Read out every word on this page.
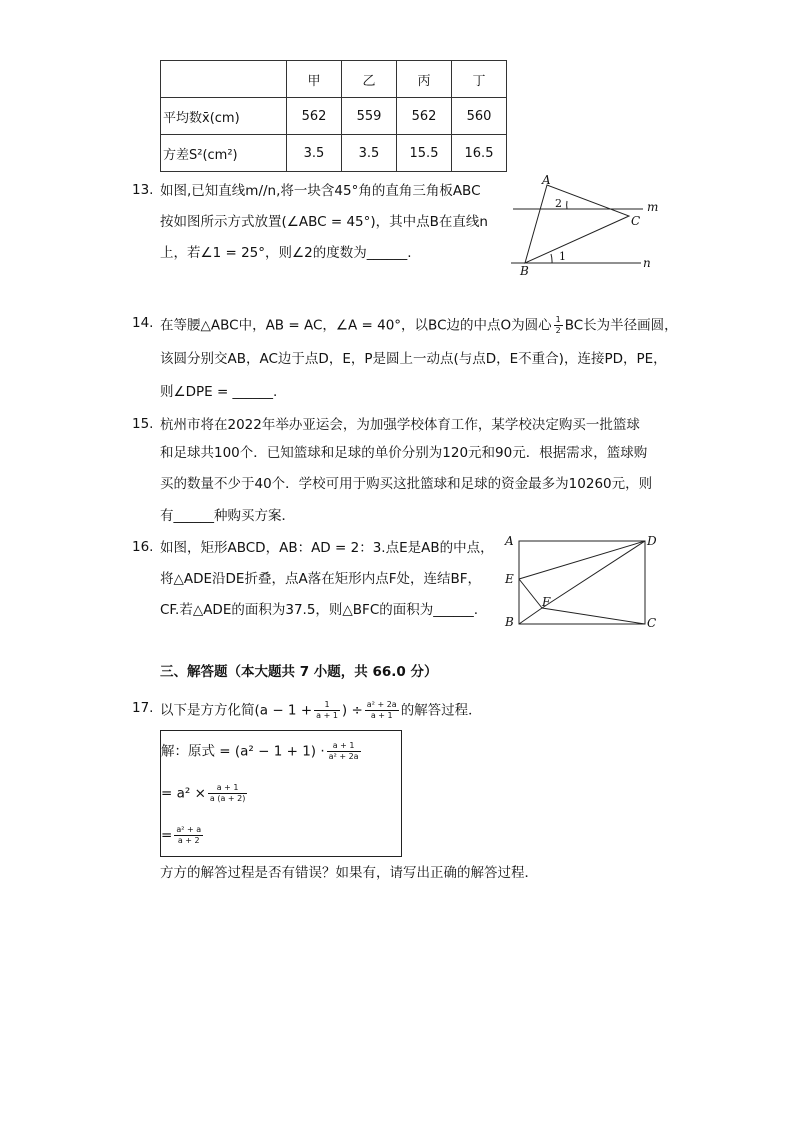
	甲	乙	丙	丁
平均数x̄(cm)	562	559	562	560
方差S²(cm²)	3.5	3.5	15.5	16.5
13. 如图,已知直线m//n,将一块含45°角的直角三角板ABC
按如图所示方式放置(∠ABC = 45°)，其中点B在直线n
上，若∠1 = 25°，则∠2的度数为______.
A
B
C
m
n
1
2
14. 在等腰△ABC中，AB = AC，∠A = 40°，以BC边的中点O为圆心 $\frac{1}{2}$ BC长为半径画圆，
该圆分别交AB，AC边于点D，E，P是圆上一动点(与点D，E不重合)，连接PD，PE，
则∠DPE = ______.
15. 杭州市将在2022年举办亚运会，为加强学校体育工作，某学校决定购买一批篮球
和足球共100个．已知篮球和足球的单价分别为120元和90元．根据需求，篮球购
买的数量不少于40个．学校可用于购买这批篮球和足球的资金最多为10260元，则
有______种购买方案．
16. 如图，矩形ABCD，AB：AD = 2：3.点E是AB的中点，
将△ADE沿DE折叠，点A落在矩形内点F处，连结BF，
CF.若△ADE的面积为37.5，则△BFC的面积为______.
A
E
B
D
C
F
三、解答题（本大题共 7 小题，共 66.0 分）
17. 以下是方方化简($a - 1 + \frac{1}{a + 1}$ ) ÷ $\frac{\text{a² + 2a}}{a + 1}$ 的解答过程．
解：原式 = $(a^2 - 1 + 1) \cdot \frac{a + 1}{\text{a² + 2a}}$
= $a^2 \times \frac{a + 1}{a (a + 2)}$
= $\frac{\text{a² + a}}{a + 2}$
方方的解答过程是否有错误？如果有，请写出正确的解答过程．
